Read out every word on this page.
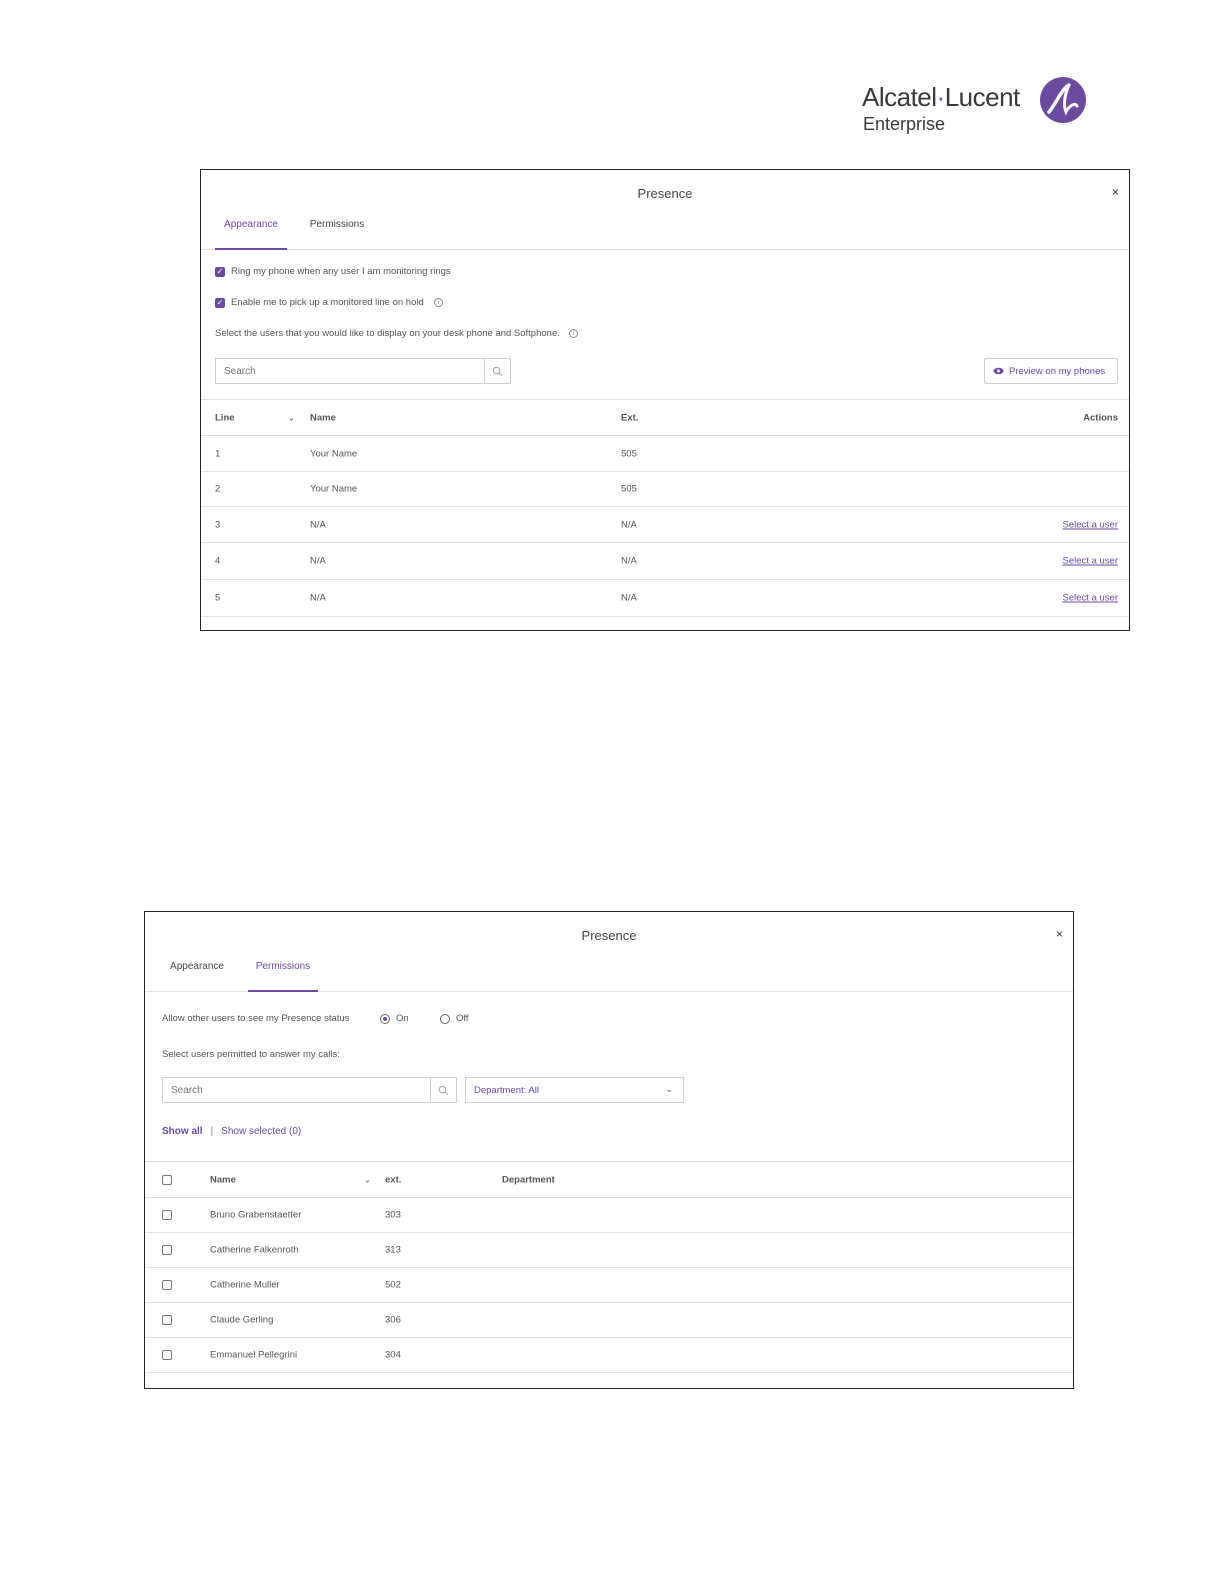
Alcatel·Lucent
Enterprise
Presence	×
Appearance	Permissions
✓ Ring my phone when any user I am monitoring rings
✓ Enable me to pick up a monitored line on hold	i
Select the users that you would like to display on your desk phone and Softphone.	i
Search
Preview on my phones
Line	⌄ Name	Ext.	Actions
1	Your Name	505
2	Your Name	505
3	N/A	N/A	Select a user
4	N/A	N/A	Select a user
5	N/A	N/A	Select a user
Presence	×
Appearance	Permissions
Allow other users to see my Presence status	On	Off
Select users permitted to answer my calls:
Search
Department: All	⌄
Show all | Show selected (0)
Name	⌄ ext.	Department
Bruno Grabenstaetter	303
Catherine Falkenroth	313
Catherine Muller	502
Claude Gerling	306
Emmanuel Pellegrini	304
